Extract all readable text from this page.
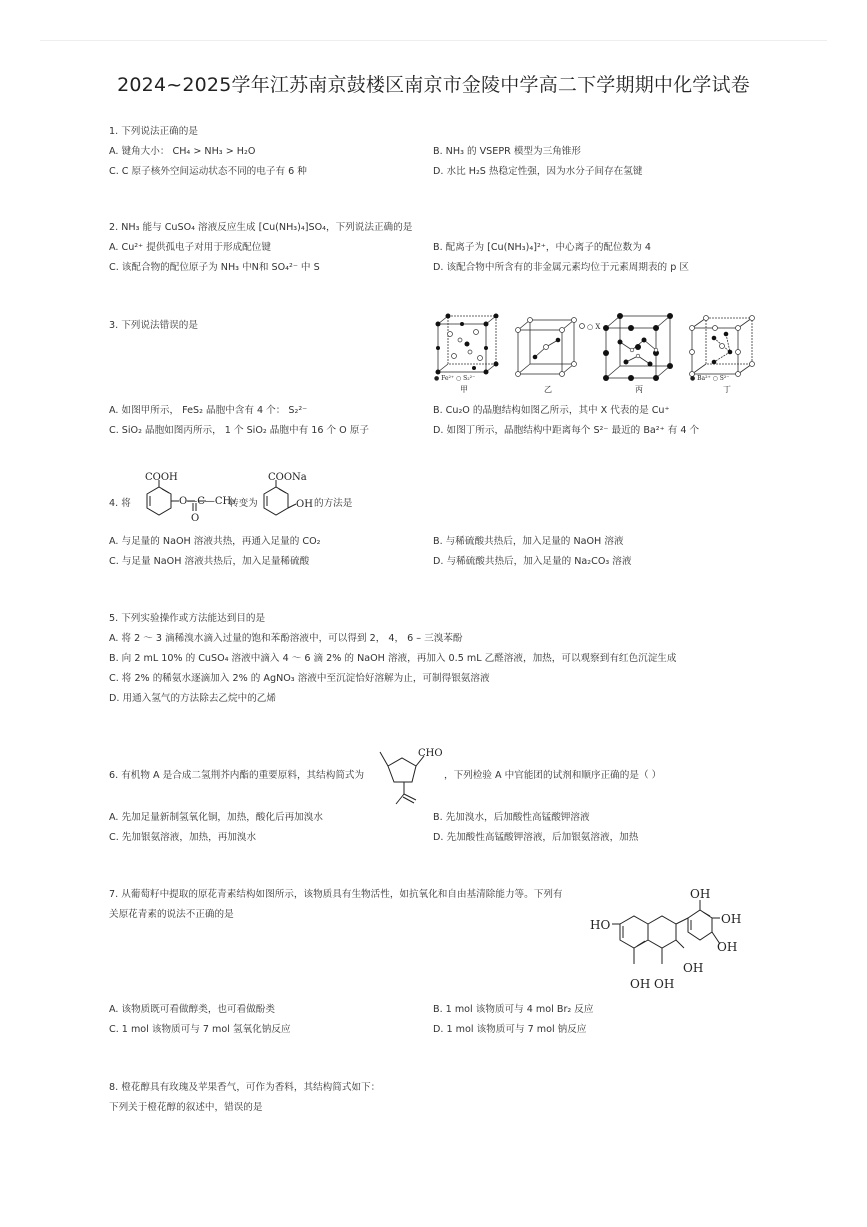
2024~2025学年江苏南京鼓楼区南京市金陵中学高二下学期期中化学试卷
1. 下列说法正确的是
A. 键角大小： CH₄ > NH₃ > H₂O	B. NH₃ 的 VSEPR 模型为三角锥形
C. C 原子核外空间运动状态不同的电子有 6 种	D. 水比 H₂S 热稳定性强，因为水分子间存在氢键
2. NH₃ 能与 CuSO₄ 溶液反应生成 [Cu(NH₃)₄]SO₄，下列说法正确的是
A. Cu²⁺ 提供孤电子对用于形成配位键	B. 配离子为 [Cu(NH₃)₄]²⁺，中心离子的配位数为 4
C. 该配合物的配位原子为 NH₃ 中N和 SO₄²⁻ 中 S	D. 该配合物中所含有的非金属元素均位于元素周期表的 p 区
3. 下列说法错误的是
● Fe²⁺ ○ S₂²⁻
甲
○ X
乙	丙
● Ba²⁺ ○ S²⁻
丁
A. 如图甲所示， FeS₂ 晶胞中含有 4 个： S₂²⁻	B. Cu₂O 的晶胞结构如图乙所示，其中 X 代表的是 Cu⁺
C. SiO₂ 晶胞如图丙所示， 1 个 SiO₂ 晶胞中有 16 个 O 原子	D. 如图丁所示，晶胞结构中距离每个 S²⁻ 最近的 Ba²⁺ 有 4 个
4. 将
COOH
O—C—CH₃
O
转变为
COONa
OH 的方法是
A. 与足量的 NaOH 溶液共热，再通入足量的 CO₂	B. 与稀硫酸共热后，加入足量的 NaOH 溶液
C. 与足量 NaOH 溶液共热后，加入足量稀硫酸	D. 与稀硫酸共热后，加入足量的 Na₂CO₃ 溶液
5. 下列实验操作或方法能达到目的是
A. 将 2 ～ 3 滴稀溴水滴入过量的饱和苯酚溶液中，可以得到 2， 4， 6 – 三溴苯酚
B. 向 2 mL 10% 的 CuSO₄ 溶液中滴入 4 ～ 6 滴 2% 的 NaOH 溶液，再加入 0.5 mL 乙醛溶液，加热，可以观察到有红色沉淀生成
C. 将 2% 的稀氨水逐滴加入 2% 的 AgNO₃ 溶液中至沉淀恰好溶解为止，可制得银氨溶液
D. 用通入氢气的方法除去乙烷中的乙烯
6. 有机物 A 是合成二氢荆芥内酯的重要原料，其结构简式为
CHO
，下列检验 A 中官能团的试剂和顺序正确的是（ ）
A. 先加足量新制氢氧化铜，加热，酸化后再加溴水	B. 先加溴水，后加酸性高锰酸钾溶液
C. 先加银氨溶液，加热，再加溴水	D. 先加酸性高锰酸钾溶液，后加银氨溶液，加热
7. 从葡萄籽中提取的原花青素结构如图所示，该物质具有生物活性，如抗氧化和自由基清除能力等。下列有
关原花青素的说法不正确的是
OH
HO	OH
OH
OH
OH OH
A. 该物质既可看做醇类，也可看做酚类	B. 1 mol 该物质可与 4 mol Br₂ 反应
C. 1 mol 该物质可与 7 mol 氢氧化钠反应	D. 1 mol 该物质可与 7 mol 钠反应
8. 橙花醇具有玫瑰及苹果香气，可作为香料，其结构简式如下：
下列关于橙花醇的叙述中，错误的是
